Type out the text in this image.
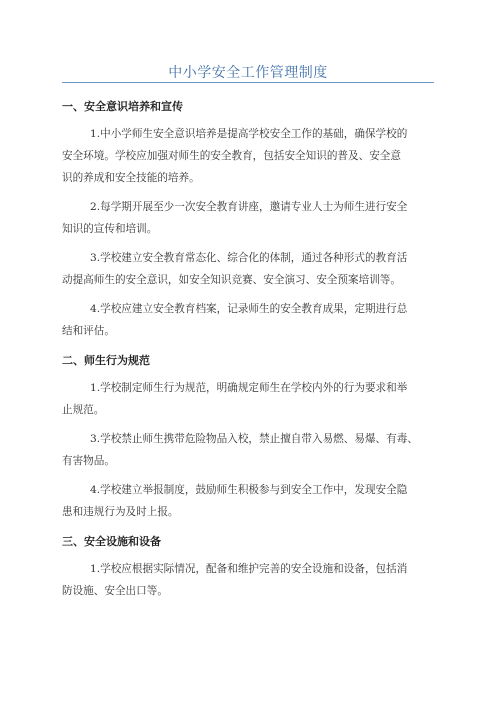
中小学安全工作管理制度
一、安全意识培养和宣传
1.中小学师生安全意识培养是提高学校安全工作的基础，确保学校的
安全环境。学校应加强对师生的安全教育，包括安全知识的普及、安全意
识的养成和安全技能的培养。
2.每学期开展至少一次安全教育讲座，邀请专业人士为师生进行安全
知识的宣传和培训。
3.学校建立安全教育常态化、综合化的体制，通过各种形式的教育活
动提高师生的安全意识，如安全知识竞赛、安全演习、安全预案培训等。
4.学校应建立安全教育档案，记录师生的安全教育成果，定期进行总
结和评估。
二、师生行为规范
1.学校制定师生行为规范，明确规定师生在学校内外的行为要求和举
止规范。
3.学校禁止师生携带危险物品入校，禁止擅自带入易燃、易爆、有毒、
有害物品。
4.学校建立举报制度，鼓励师生积极参与到安全工作中，发现安全隐
患和违规行为及时上报。
三、安全设施和设备
1.学校应根据实际情况，配备和维护完善的安全设施和设备，包括消
防设施、安全出口等。
